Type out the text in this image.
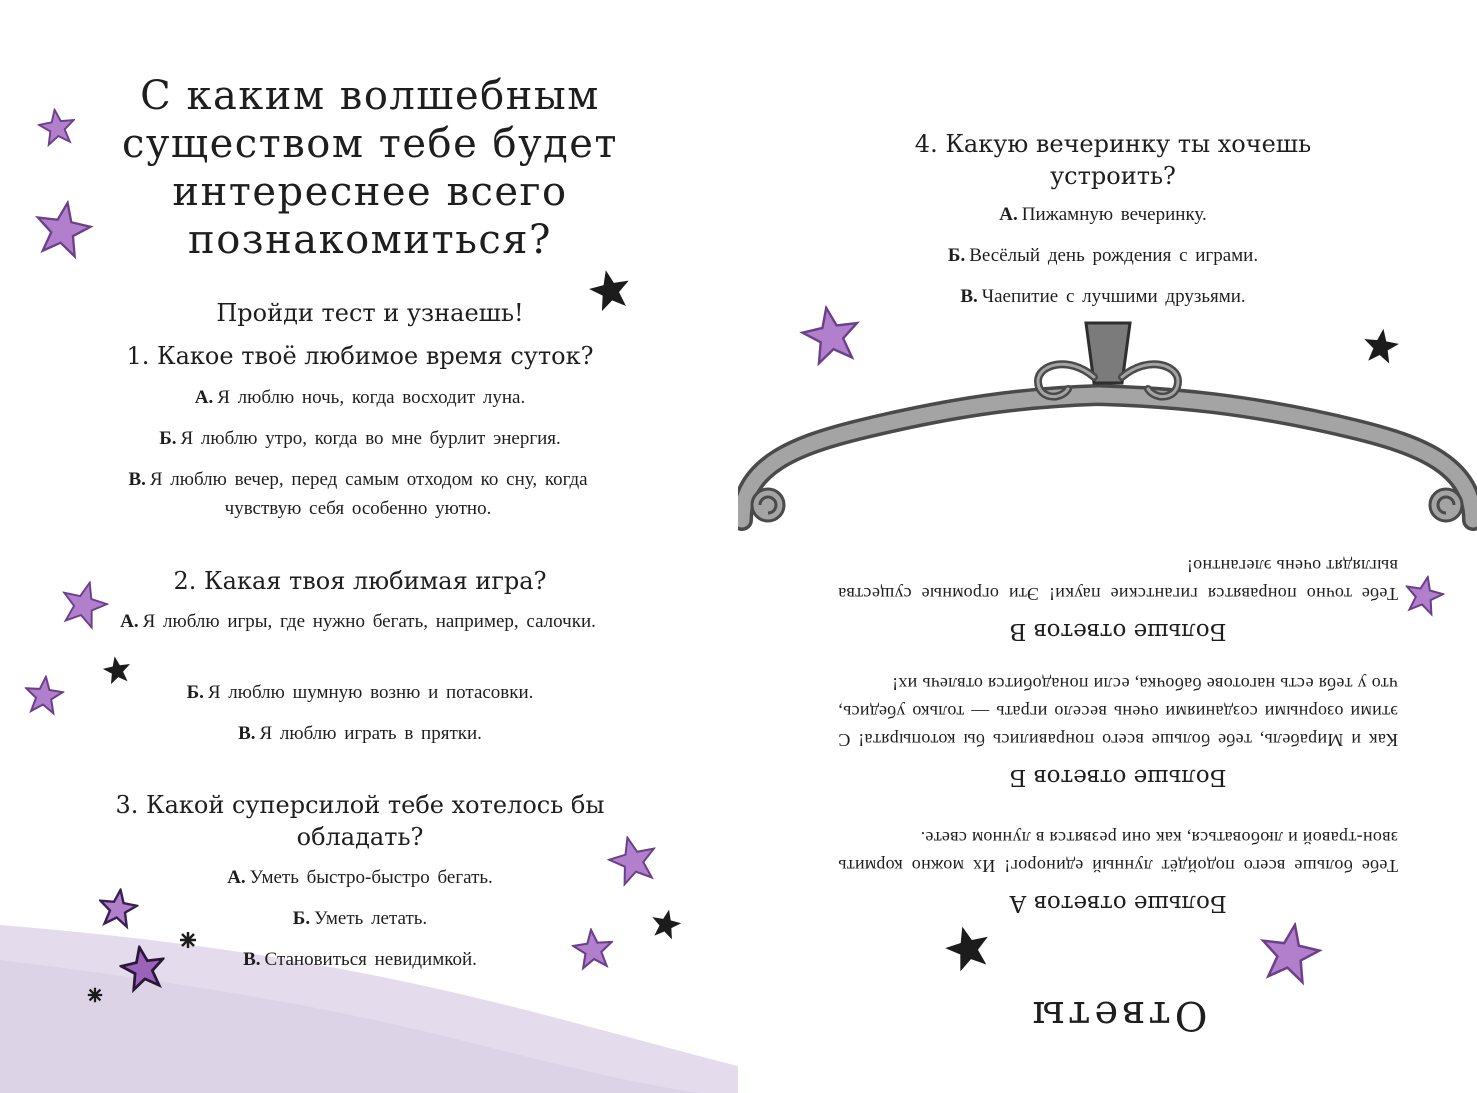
С каким волшебным существом тебе будет интереснее всего познакомиться?

Пройди тест и узнаешь!

1. Какое твоё любимое время суток?

А. Я люблю ночь, когда восходит луна.

Б. Я люблю утро, когда во мне бурлит энергия.

В. Я люблю вечер, перед самым отходом ко сну, когда чувствую себя особенно уютно.

2. Какая твоя любимая игра?

А. Я люблю игры, где нужно бегать, например, салочки.

Б. Я люблю шумную возню и потасовки.

В. Я люблю играть в прятки.

3. Какой суперсилой тебе хотелось бы обладать?

А. Уметь быстро-быстро бегать.

Б. Уметь летать.

В. Становиться невидимкой.

4. Какую вечеринку ты хочешь устроить?

А. Пижамную вечеринку.

Б. Весёлый день рождения с играми.

В. Чаепитие с лучшими друзьями.

Ответы

Больше ответов А

Тебе больше всего подойдёт лунный единорог! Их можно кормить звон-травой и любоваться, как они резвятся в лунном свете.

Больше ответов Б

Как и Мирабель, тебе больше всего понравились бы котопырята! С этими озорными созданиями очень весело играть — только убедись, что у тебя есть наготове бабочка, если понадобится отвлечь их!

Больше ответов В

Тебе точно понравятся гигантские пауки! Эти огромные существа выглядят очень элегантно!
